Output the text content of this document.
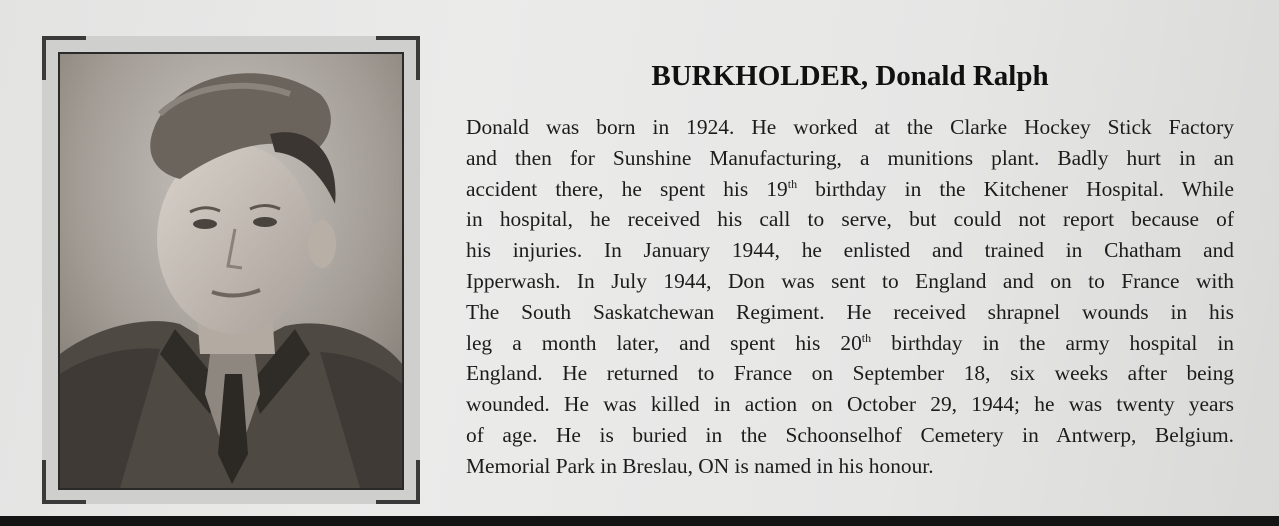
BURKHOLDER, Donald Ralph
Donald was born in 1924. He worked at the Clarke Hockey Stick Factory
and then for Sunshine Manufacturing, a munitions plant. Badly hurt in an
accident there, he spent his 19th birthday in the Kitchener Hospital. While
in hospital, he received his call to serve, but could not report because of
his injuries. In January 1944, he enlisted and trained in Chatham and
Ipperwash. In July 1944, Don was sent to England and on to France with
The South Saskatchewan Regiment. He received shrapnel wounds in his
leg a month later, and spent his 20th birthday in the army hospital in
England. He returned to France on September 18, six weeks after being
wounded. He was killed in action on October 29, 1944; he was twenty years
of age. He is buried in the Schoonselhof Cemetery in Antwerp, Belgium.
Memorial Park in Breslau, ON is named in his honour.
